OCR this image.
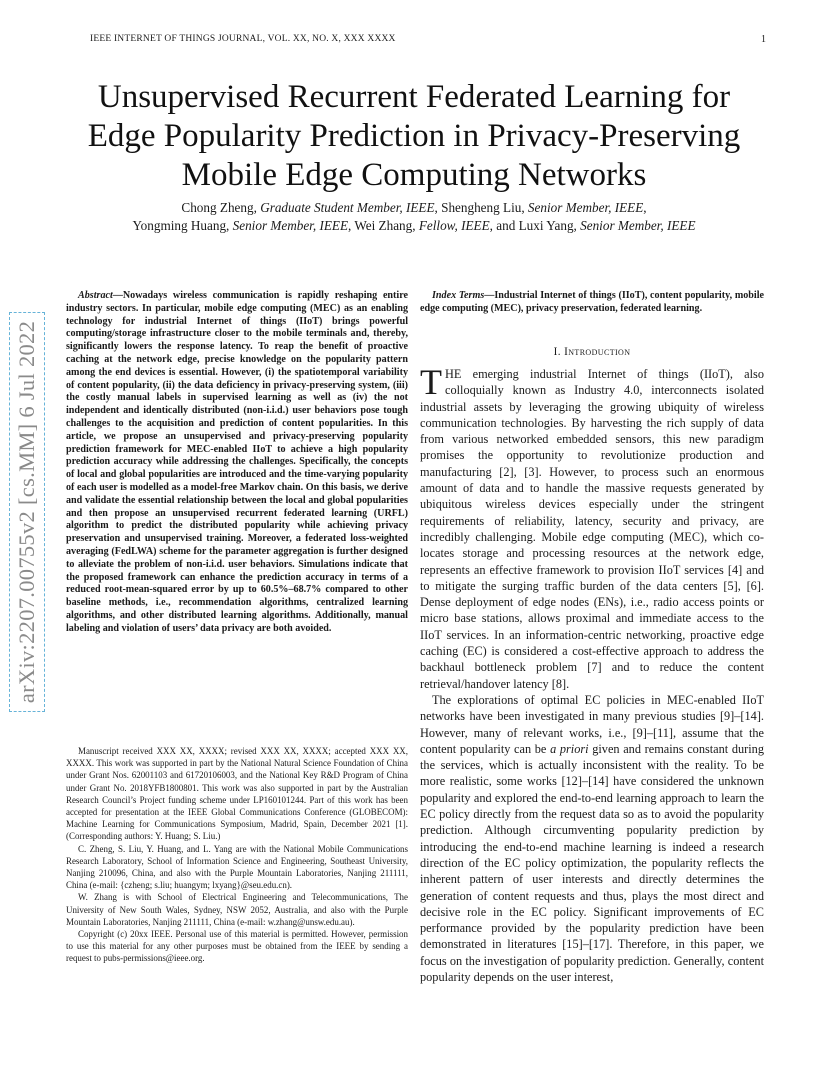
IEEE INTERNET OF THINGS JOURNAL, VOL. XX, NO. X, XXX XXXX	1
Unsupervised Recurrent Federated Learning for Edge Popularity Prediction in Privacy-Preserving Mobile Edge Computing Networks
Chong Zheng, Graduate Student Member, IEEE, Shengheng Liu, Senior Member, IEEE,
Yongming Huang, Senior Member, IEEE, Wei Zhang, Fellow, IEEE, and Luxi Yang, Senior Member, IEEE
arXiv:2207.00755v2 [cs.MM] 6 Jul 2022
Abstract—Nowadays wireless communication is rapidly reshaping entire industry sectors. In particular, mobile edge computing (MEC) as an enabling technology for industrial Internet of things (IIoT) brings powerful computing/storage infrastructure closer to the mobile terminals and, thereby, significantly lowers the response latency. To reap the benefit of proactive caching at the network edge, precise knowledge on the popularity pattern among the end devices is essential. However, (i) the spatiotemporal variability of content popularity, (ii) the data deficiency in privacy-preserving system, (iii) the costly manual labels in supervised learning as well as (iv) the not independent and identically distributed (non-i.i.d.) user behaviors pose tough challenges to the acquisition and prediction of content popularities. In this article, we propose an unsupervised and privacy-preserving popularity prediction framework for MEC-enabled IIoT to achieve a high popularity prediction accuracy while addressing the challenges. Specifically, the concepts of local and global popularities are introduced and the time-varying popularity of each user is modelled as a model-free Markov chain. On this basis, we derive and validate the essential relationship between the local and global popularities and then propose an unsupervised recurrent federated learning (URFL) algorithm to predict the distributed popularity while achieving privacy preservation and unsupervised training. Moreover, a federated loss-weighted averaging (FedLWA) scheme for the parameter aggregation is further designed to alleviate the problem of non-i.i.d. user behaviors. Simulations indicate that the proposed framework can enhance the prediction accuracy in terms of a reduced root-mean-squared error by up to 60.5%–68.7% compared to other baseline methods, i.e., recommendation algorithms, centralized learning algorithms, and other distributed learning algorithms. Additionally, manual labeling and violation of users’ data privacy are both avoided.

Manuscript received XXX XX, XXXX; revised XXX XX, XXXX; accepted XXX XX, XXXX. This work was supported in part by the National Natural Science Foundation of China under Grant Nos. 62001103 and 61720106003, and the National Key R&D Program of China under Grant No. 2018YFB1800801. This work was also supported in part by the Australian Research Council’s Project funding scheme under LP160101244. Part of this work has been accepted for presentation at the IEEE Global Communications Conference (GLOBECOM): Machine Learning for Communications Symposium, Madrid, Spain, December 2021 [1]. (Corresponding authors: Y. Huang; S. Liu.)

C. Zheng, S. Liu, Y. Huang, and L. Yang are with the National Mobile Communications Research Laboratory, School of Information Science and Engineering, Southeast University, Nanjing 210096, China, and also with the Purple Mountain Laboratories, Nanjing 211111, China (e-mail: {czheng; s.liu; huangym; lxyang}@seu.edu.cn).

W. Zhang is with School of Electrical Engineering and Telecommunications, The University of New South Wales, Sydney, NSW 2052, Australia, and also with the Purple Mountain Laboratories, Nanjing 211111, China (e-mail: w.zhang@unsw.edu.au).

Copyright (c) 20xx IEEE. Personal use of this material is permitted. However, permission to use this material for any other purposes must be obtained from the IEEE by sending a request to pubs-permissions@ieee.org.

Index Terms—Industrial Internet of things (IIoT), content popularity, mobile edge computing (MEC), privacy preservation, federated learning.
I. Introduction

THE emerging industrial Internet of things (IIoT), also colloquially known as Industry 4.0, interconnects isolated industrial assets by leveraging the growing ubiquity of wireless communication technologies. By harvesting the rich supply of data from various networked embedded sensors, this new paradigm promises the opportunity to revolutionize production and manufacturing [2], [3]. However, to process such an enormous amount of data and to handle the massive requests generated by ubiquitous wireless devices especially under the stringent requirements of reliability, latency, security and privacy, are incredibly challenging. Mobile edge computing (MEC), which co-locates storage and processing resources at the network edge, represents an effective framework to provision IIoT services [4] and to mitigate the surging traffic burden of the data centers [5], [6]. Dense deployment of edge nodes (ENs), i.e., radio access points or micro base stations, allows proximal and immediate access to the IIoT services. In an information-centric networking, proactive edge caching (EC) is considered a cost-effective approach to address the backhaul bottleneck problem [7] and to reduce the content retrieval/handover latency [8].

The explorations of optimal EC policies in MEC-enabled IIoT networks have been investigated in many previous studies [9]–[14]. However, many of relevant works, i.e., [9]–[11], assume that the content popularity can be a priori given and remains constant during the services, which is actually inconsistent with the reality. To be more realistic, some works [12]–[14] have considered the unknown popularity and explored the end-to-end learning approach to learn the EC policy directly from the request data so as to avoid the popularity prediction. Although circumventing popularity prediction by introducing the end-to-end machine learning is indeed a research direction of the EC policy optimization, the popularity reflects the inherent pattern of user interests and directly determines the generation of content requests and thus, plays the most direct and decisive role in the EC policy. Significant improvements of EC performance provided by the popularity prediction have been demonstrated in literatures [15]–[17]. Therefore, in this paper, we focus on the investigation of popularity prediction. Generally, content popularity depends on the user interest,
